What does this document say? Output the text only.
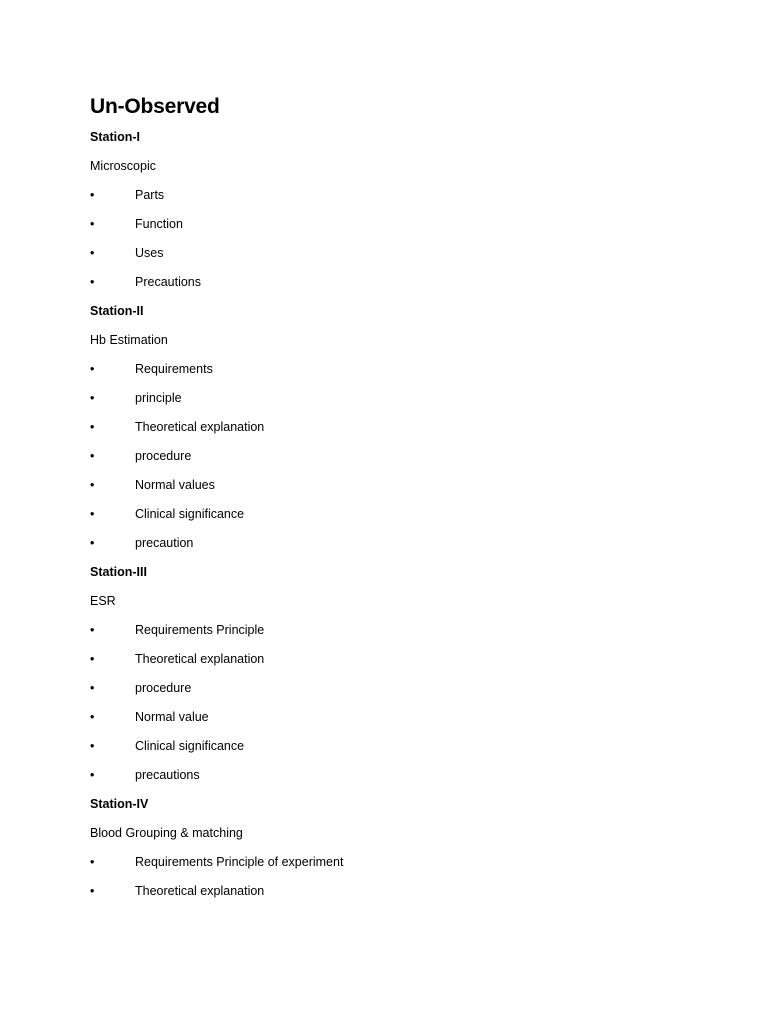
Un-Observed
Station-I
Microscopic
•	Parts
•	Function
•	Uses
•	Precautions
Station-II
Hb Estimation
•	Requirements
•	principle
•	Theoretical explanation
•	procedure
•	Normal values
•	Clinical significance
•	precaution
Station-III
ESR
•	Requirements Principle
•	Theoretical explanation
•	procedure
•	Normal value
•	Clinical significance
•	precautions
Station-IV
Blood Grouping & matching
•	Requirements Principle of experiment
•	Theoretical explanation
